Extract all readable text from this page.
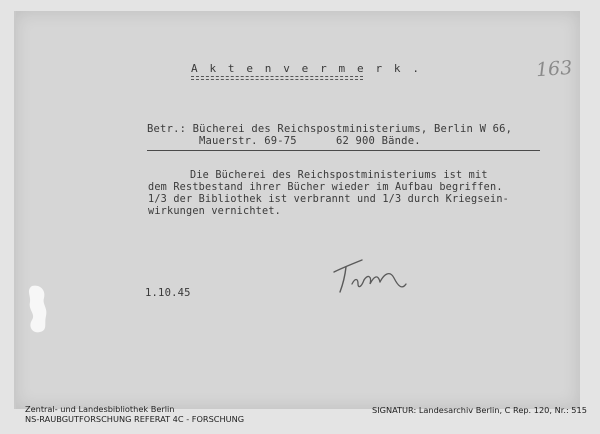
A k t e n v e r m e r k .	163
Betr.: Bücherei des Reichspostministeriums, Berlin W 66,
Mauerstr. 69-75      62 900 Bände.
Die Bücherei des Reichspostministeriums ist mit
dem Restbestand ihrer Bücher wieder im Aufbau begriffen.
1/3 der Bibliothek ist verbrannt und 1/3 durch Kriegsein-
wirkungen vernichtet.
1.10.45
Zentral- und Landesbibliothek Berlin
NS-RAUBGUTFORSCHUNG REFERAT 4C - FORSCHUNG
SIGNATUR: Landesarchiv Berlin, C Rep. 120, Nr.: 515
